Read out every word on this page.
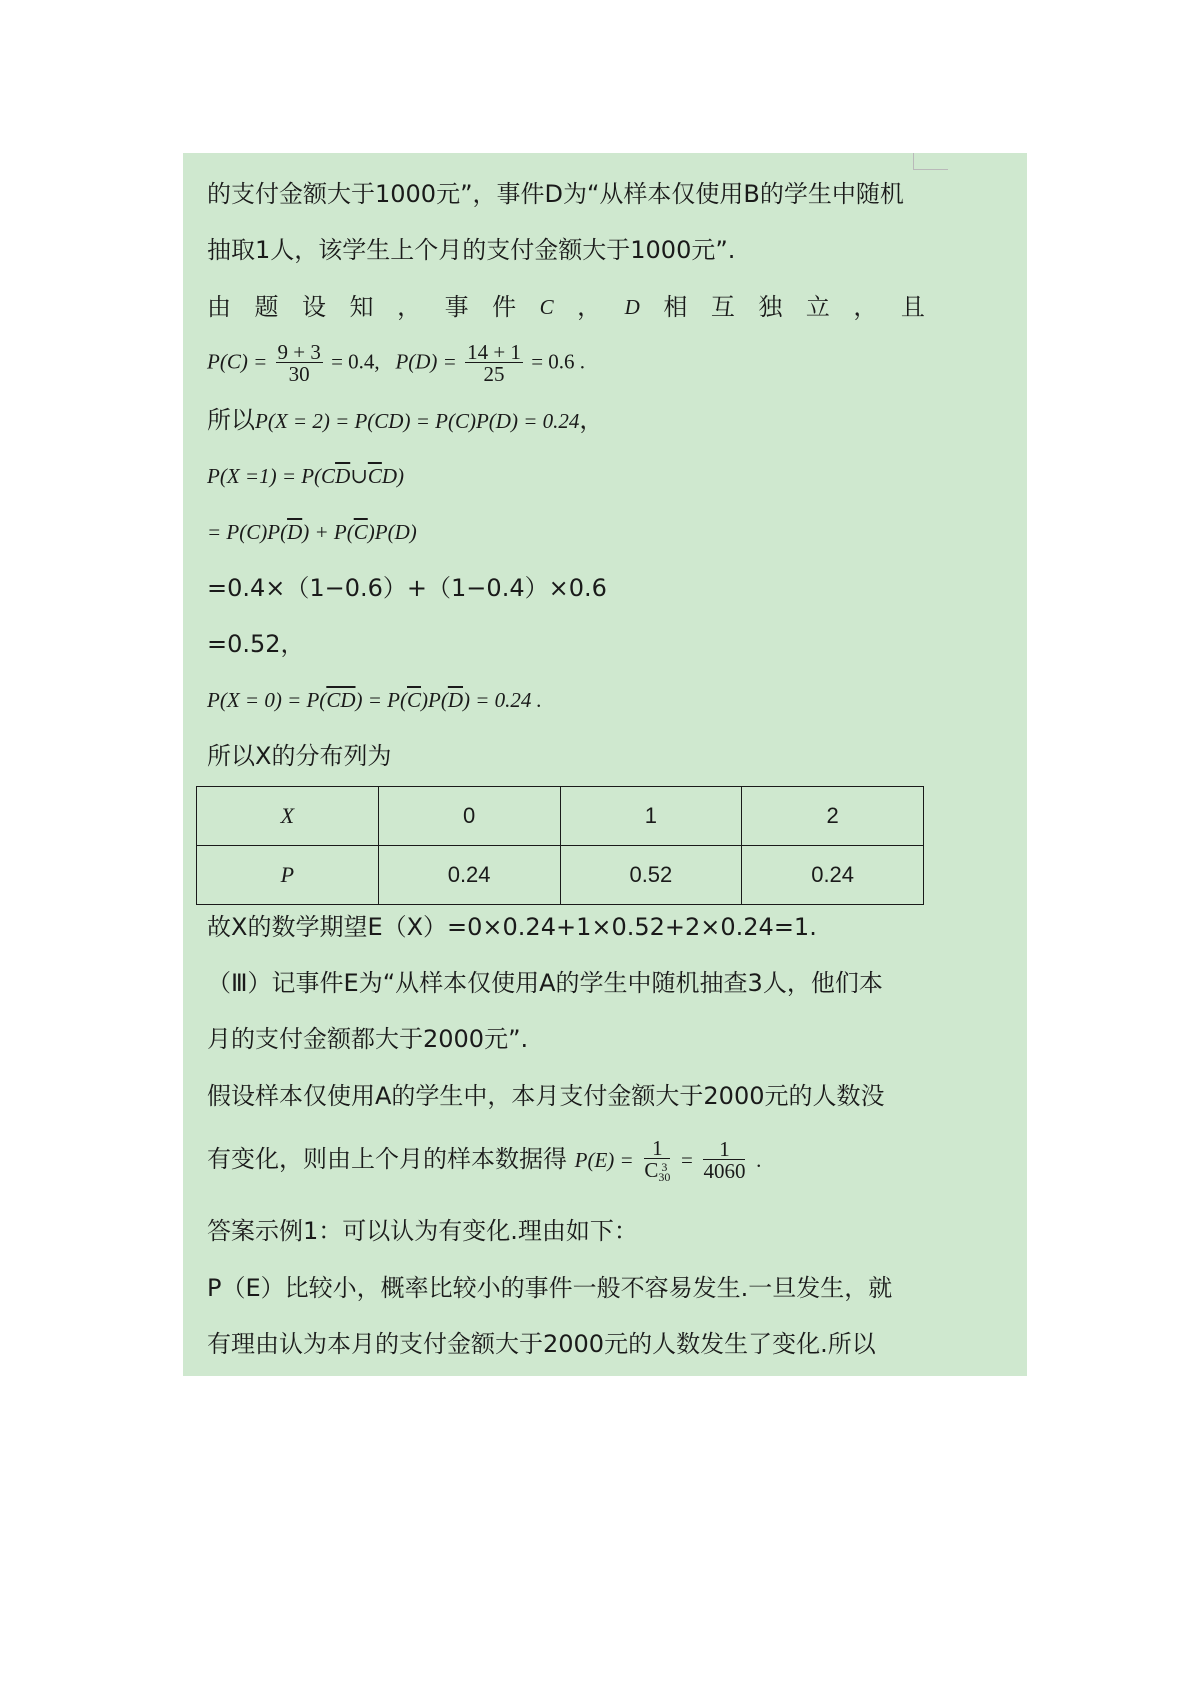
的支付金额大于1000元”，事件D为“从样本仅使用B的学生中随机
抽取1人，该学生上个月的支付金额大于1000元”.
由 题 设 知 ， 事 件 C ， D 相 互 独 立 ， 且
$P(C) = \frac{9 + 3}{30} = 0.4$, $P(D) = \frac{14 + 1}{25} = 0.6$ .
所以P(X = 2) = P(CD) = P(C)P(D) = 0.24，
$P(X =1) = P(C\overline{D}\cup\overline{C}D)$
= $P(C)P(\overline{D}) + P(\overline{C})P(D)$
=0.4×（1−0.6）+（1−0.4）×0.6
=0.52，
$P(X = 0) = P(\overline{CD}) = P(\overline{C})P(\overline{D}) = 0.24$ .
所以X的分布列为
X	0	1	2
P	0.24	0.52	0.24
故X的数学期望E（X）=0×0.24+1×0.52+2×0.24=1.
（Ⅲ）记事件E为“从样本仅使用A的学生中随机抽查3人，他们本
月的支付金额都大于2000元”.
假设样本仅使用A的学生中，本月支付金额大于2000元的人数没
有变化，则由上个月的样本数据得 P(E) = 1
C 3
$30 = \frac{1}{4060}$ .
答案示例1：可以认为有变化.理由如下：
P（E）比较小，概率比较小的事件一般不容易发生.一旦发生，就
有理由认为本月的支付金额大于2000元的人数发生了变化.所以
